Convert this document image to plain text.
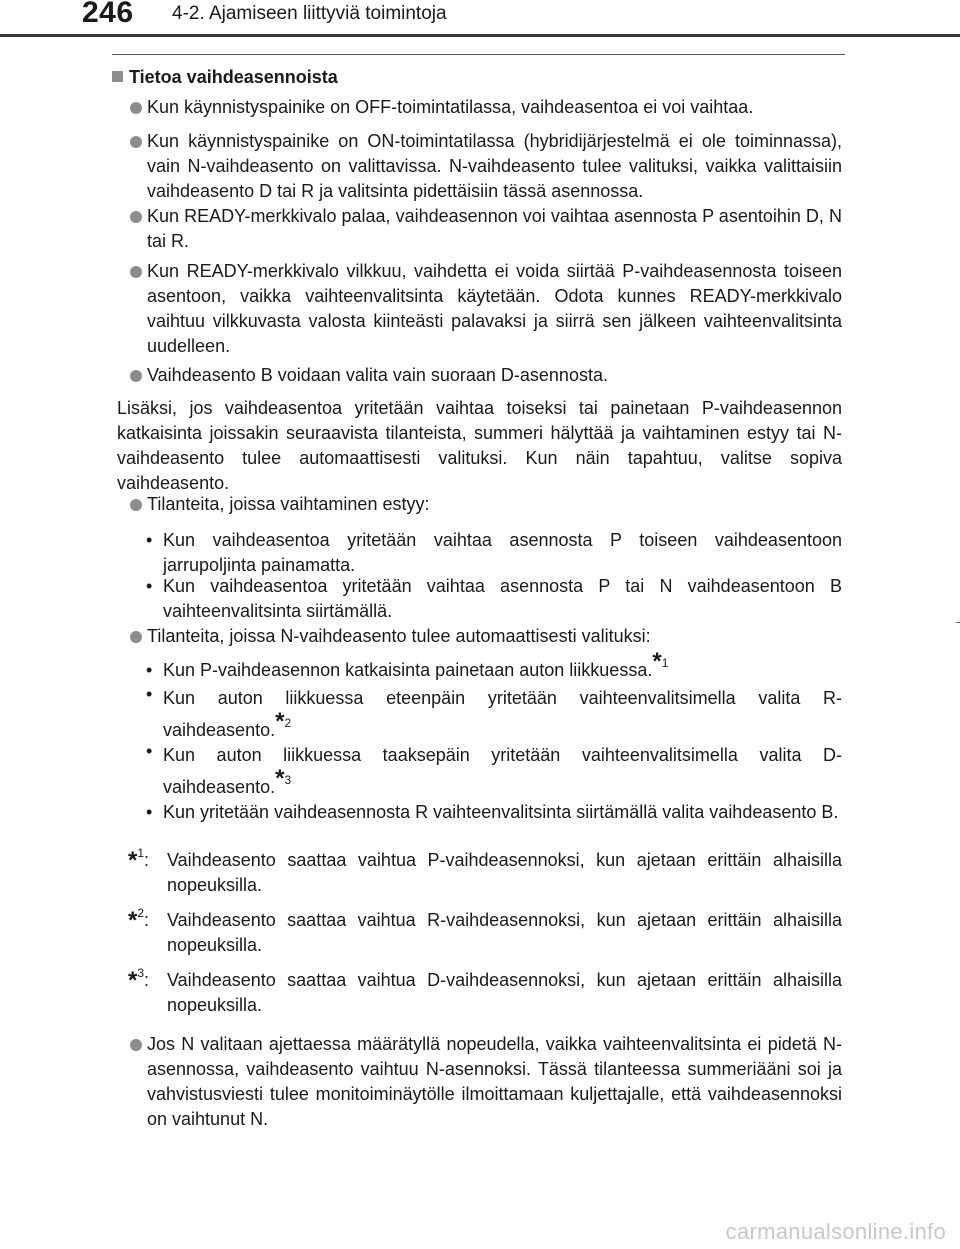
246 4-2. Ajamiseen liittyviä toimintoja
Tietoa vaihdeasennoista
Kun käynnistyspainike on OFF-toimintatilassa, vaihdeasentoa ei voi vaihtaa.
Kun käynnistyspainike on ON-toimintatilassa (hybridijärjestelmä ei ole toiminnassa), vain N-vaihdeasento on valittavissa. N-vaihdeasento tulee valituksi, vaikka valittaisiin vaihdeasento D tai R ja valitsinta pidettäisiin tässä asennossa.
Kun READY-merkkivalo palaa, vaihdeasennon voi vaihtaa asennosta P asentoihin D, N tai R.
Kun READY-merkkivalo vilkkuu, vaihdetta ei voida siirtää P-vaihdeasennosta toiseen asentoon, vaikka vaihteenvalitsinta käytetään. Odota kunnes READY-merkkivalo vaihtuu vilkkuvasta valosta kiinteästi palavaksi ja siirrä sen jälkeen vaihteenvalitsinta uudelleen.
Vaihdeasento B voidaan valita vain suoraan D-asennosta.
Lisäksi, jos vaihdeasentoa yritetään vaihtaa toiseksi tai painetaan P-vaihdeasennon katkaisinta joissakin seuraavista tilanteista, summeri hälyttää ja vaihtaminen estyy tai N-vaihdeasento tulee automaattisesti valituksi. Kun näin tapahtuu, valitse sopiva vaihdeasento.
Tilanteita, joissa vaihtaminen estyy:
• Kun vaihdeasentoa yritetään vaihtaa asennosta P toiseen vaihdeasentoon jarrupoljinta painamatta.
• Kun vaihdeasentoa yritetään vaihtaa asennosta P tai N vaihdeasentoon B vaihteenvalitsinta siirtämällä.
Tilanteita, joissa N-vaihdeasento tulee automaattisesti valituksi:
• Kun P-vaihdeasennon katkaisinta painetaan auton liikkuessa.$^{*1}$
• Kun auton liikkuessa eteenpäin yritetään vaihteenvalitsimella valita R-vaihdeasento.$^{*2}$
• Kun auton liikkuessa taaksepäin yritetään vaihteenvalitsimella valita D-vaihdeasento.$^{*3}$
• Kun yritetään vaihdeasennosta R vaihteenvalitsinta siirtämällä valita vaihdeasento B.
*$^1$: Vaihdeasento saattaa vaihtua P-vaihdeasennoksi, kun ajetaan erittäin alhaisilla nopeuksilla.
*$^2$: Vaihdeasento saattaa vaihtua R-vaihdeasennoksi, kun ajetaan erittäin alhaisilla nopeuksilla.
*$^3$: Vaihdeasento saattaa vaihtua D-vaihdeasennoksi, kun ajetaan erittäin alhaisilla nopeuksilla.
Jos N valitaan ajettaessa määrätyllä nopeudella, vaikka vaihteenvalitsinta ei pidetä N-asennossa, vaihdeasento vaihtuu N-asennoksi. Tässä tilanteessa summeriääni soi ja vahvistusviesti tulee monitoiminäytölle ilmoittamaan kuljettajalle, että vaihdeasennoksi on vaihtunut N.
carmanualsonline.info
